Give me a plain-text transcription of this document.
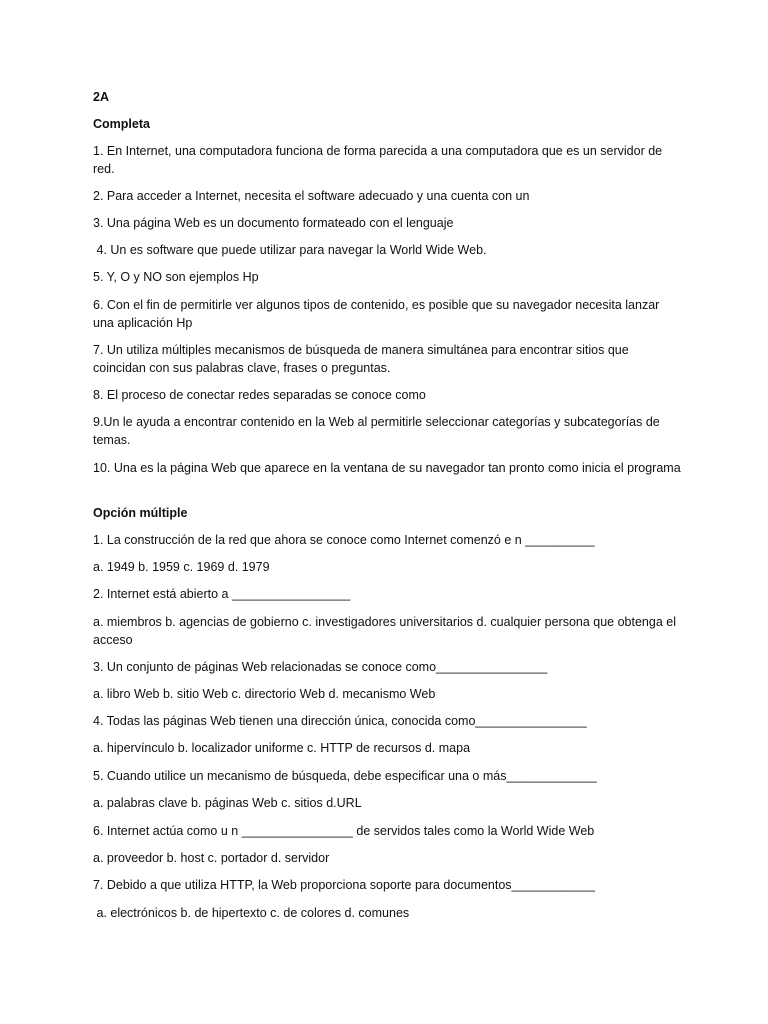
2A
Completa
1. En Internet, una computadora funciona de forma parecida a una computadora que es un servidor de red.
2. Para acceder a Internet, necesita el software adecuado y una cuenta con un
3. Una página Web es un documento formateado con el lenguaje
4. Un es software que puede utilizar para navegar la World Wide Web.
5. Y, O y NO son ejemplos Hp
6. Con el fin de permitirle ver algunos tipos de contenido, es posible que su navegador necesita lanzar una aplicación Hp
7. Un utiliza múltiples mecanismos de búsqueda de manera simultánea para encontrar sitios que coincidan con sus palabras clave, frases o preguntas.
8. El proceso de conectar redes separadas se conoce como
9.Un le ayuda a encontrar contenido en la Web al permitirle seleccionar categorías y subcategorías de temas.
10. Una es la página Web que aparece en la ventana de su navegador tan pronto como inicia el programa
Opción múltiple
1. La construcción de la red que ahora se conoce como Internet comenzó e n __________
a. 1949 b. 1959 c. 1969 d. 1979
2. Internet está abierto a _________________
a. miembros b. agencias de gobierno c. investigadores universitarios d. cualquier persona que obtenga el acceso
3. Un conjunto de páginas Web relacionadas se conoce como________________
a. libro Web b. sitio Web c. directorio Web d. mecanismo Web
4. Todas las páginas Web tienen una dirección única, conocida como________________
a. hipervínculo b. localizador uniforme c. HTTP de recursos d. mapa
5. Cuando utilice un mecanismo de búsqueda, debe especificar una o más_____________
a. palabras clave b. páginas Web c. sitios d.URL
6. Internet actúa como u n ________________ de servidos tales como la World Wide Web
a. proveedor b. host c. portador d. servidor
7. Debido a que utiliza HTTP, la Web proporciona soporte para documentos____________
a. electrónicos b. de hipertexto c. de colores d. comunes
